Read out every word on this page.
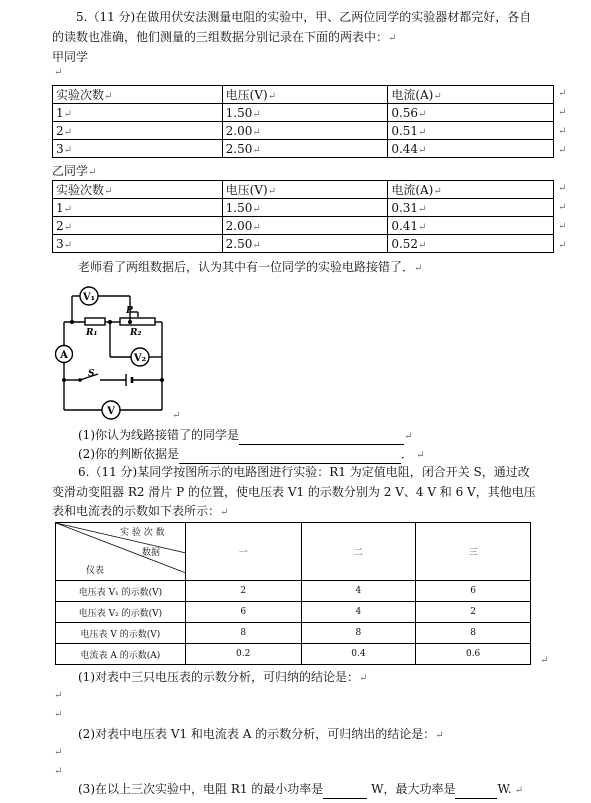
5.（11 分)在做用伏安法测量电阻的实验中，甲、乙两位同学的实验器材都完好，各自
的读数也准确，他们测量的三组数据分别记录在下面的两表中：↵
甲同学
↵
实验次数↵	电压(V)↵	电流(A)↵
1↵	1.50↵	0.56↵
2↵	2.00↵	0.51↵
3↵	2.50↵	0.44↵
↵
↵
↵
↵
乙同学↵
实验次数↵	电压(V)↵	电流(A)↵
1↵	1.50↵	0.31↵
2↵	2.00↵	0.41↵
3↵	2.50↵	0.52↵
↵
↵
↵
↵
老师看了两组数据后，认为其中有一位同学的实验电路接错了．↵
V₁
V₂
A
V
R₁	R₂
P
S
↵
(1)你认为线路接错了的同学是	↵
(2)你的判断依据是	． ↵
6.（11 分)某同学按图所示的电路图进行实验：R1 为定值电阻，闭合开关 S，通过改
变滑动变阻器 R2 滑片 P 的位置，使电压表 V1 的示数分别为 2 V、4 V 和 6 V，其他电压
表和电流表的示数如下表所示：↵
实 验 次 数
数据
仪表	一	二	三
电压表 V₁ 的示数(V)	2	4	6
电压表 V₂ 的示数(V)	6	4	2
电压表 V 的示数(V)	8	8	8
电流表 A 的示数(A)	0.2	0.4	0.6
↵
(1)对表中三只电压表的示数分析，可归纳的结论是：↵
↵
↵
(2)对表中电压表 V1 和电流表 A 的示数分析，可归纳出的结论是：↵
↵
↵
(3)在以上三次实验中，电阻 R1 的最小功率是	W，最大功率是	W. ↵
